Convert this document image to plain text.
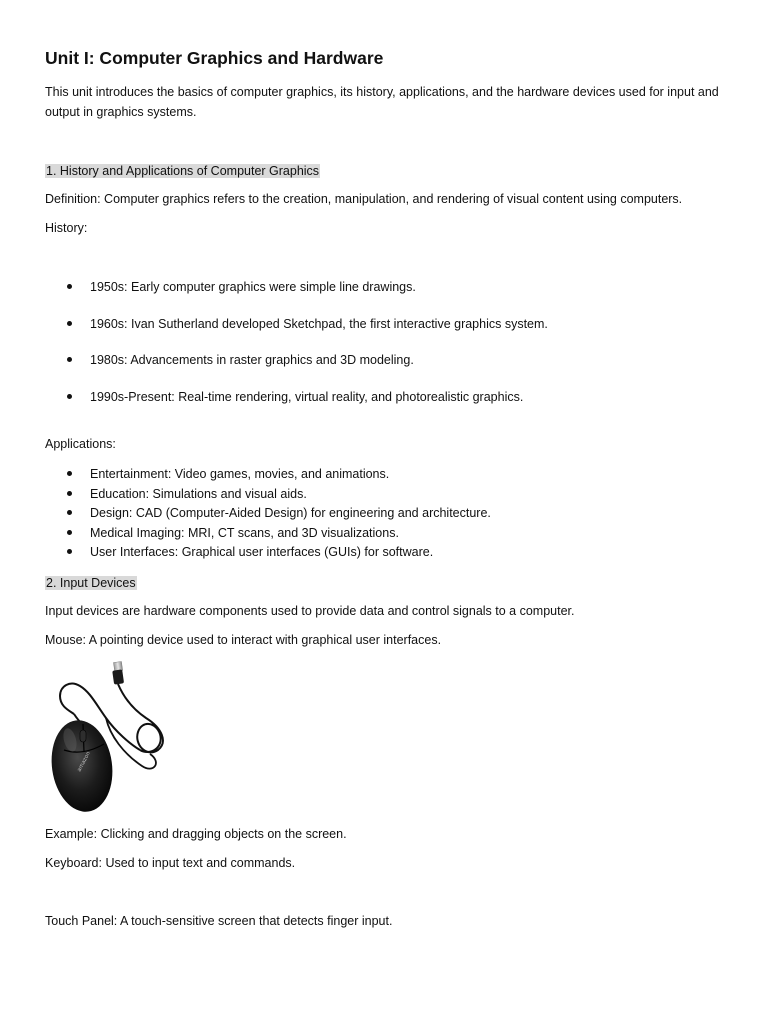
Unit I: Computer Graphics and Hardware
This unit introduces the basics of computer graphics, its history, applications, and the hardware devices used for input and output in graphics systems.
1. History and Applications of Computer Graphics
Definition: Computer graphics refers to the creation, manipulation, and rendering of visual content using computers.
History:
1950s: Early computer graphics were simple line drawings.
1960s: Ivan Sutherland developed Sketchpad, the first interactive graphics system.
1980s: Advancements in raster graphics and 3D modeling.
1990s-Present: Real-time rendering, virtual reality, and photorealistic graphics.
Applications:
Entertainment: Video games, movies, and animations.
Education: Simulations and visual aids.
Design: CAD (Computer-Aided Design) for engineering and architecture.
Medical Imaging: MRI, CT scans, and 3D visualizations.
User Interfaces: Graphical user interfaces (GUIs) for software.
2. Input Devices
Input devices are hardware components used to provide data and control signals to a computer.
Mouse: A pointing device used to interact with graphical user interfaces.
amazon
Example: Clicking and dragging objects on the screen.
Keyboard: Used to input text and commands.
Touch Panel: A touch-sensitive screen that detects finger input.
